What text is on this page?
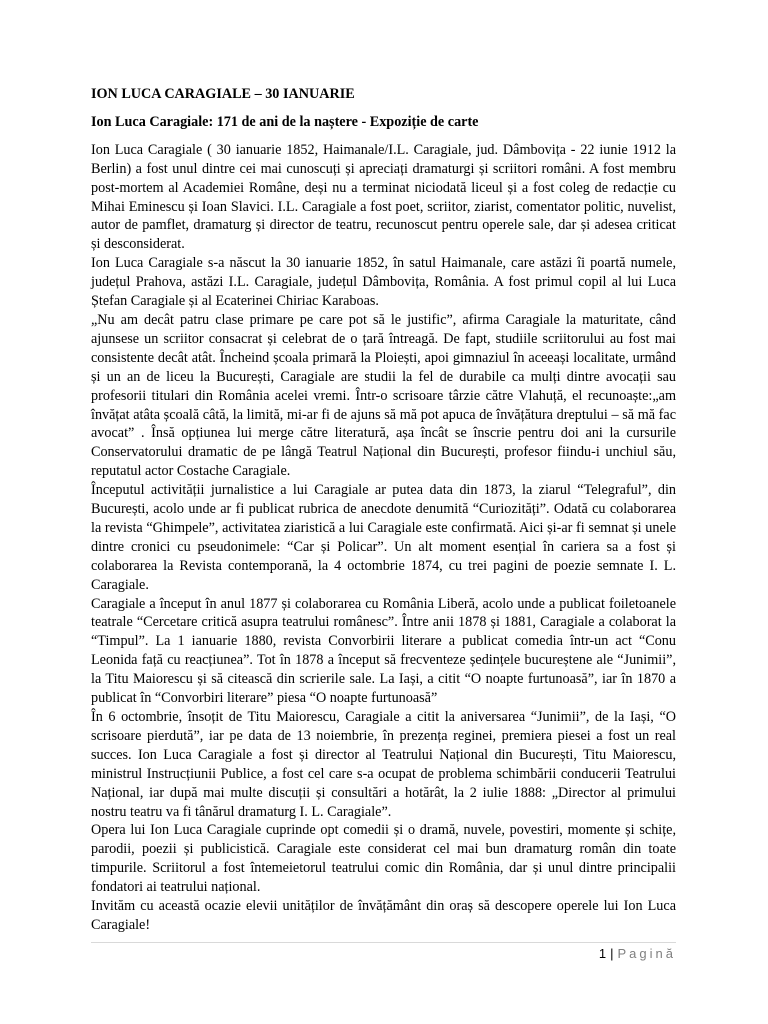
ION LUCA CARAGIALE – 30 IANUARIE

Ion Luca Caragiale: 171 de ani de la naștere - Expoziție de carte

Ion Luca Caragiale ( 30 ianuarie 1852, Haimanale/I.L. Caragiale, jud. Dâmbovița - 22 iunie 1912 la Berlin) a fost unul dintre cei mai cunoscuți și apreciați dramaturgi și scriitori români. A fost membru post-mortem al Academiei Române, deși nu a terminat niciodată liceul și a fost coleg de redacție cu Mihai Eminescu și Ioan Slavici. I.L. Caragiale a fost poet, scriitor, ziarist, comentator politic, nuvelist, autor de pamflet, dramaturg și director de teatru, recunoscut pentru operele sale, dar și adesea criticat și desconsiderat.

Ion Luca Caragiale s-a născut la 30 ianuarie 1852, în satul Haimanale, care astăzi îi poartă numele, județul Prahova, astăzi I.L. Caragiale, județul Dâmbovița, România. A fost primul copil al lui Luca Ștefan Caragiale și al Ecaterinei Chiriac Karaboas.

„Nu am decât patru clase primare pe care pot să le justific”, afirma Caragiale la maturitate, când ajunsese un scriitor consacrat și celebrat de o țară întreagă. De fapt, studiile scriitorului au fost mai consistente decât atât. Încheind școala primară la Ploiești, apoi gimnaziul în aceeași localitate, urmând și un an de liceu la București, Caragiale are studii la fel de durabile ca mulți dintre avocații sau profesorii titulari din România acelei vremi. Într-o scrisoare târzie către Vlahuță, el recunoaște:„am învățat atâta școală câtă, la limită, mi-ar fi de ajuns să mă pot apuca de învățătura dreptului – să mă fac avocat” . Însă opțiunea lui merge către literatură, așa încât se înscrie pentru doi ani la cursurile Conservatorului dramatic de pe lângă Teatrul Național din București, profesor fiindu-i unchiul său, reputatul actor Costache Caragiale.

Începutul activității jurnalistice a lui Caragiale ar putea data din 1873, la ziarul “Telegraful”, din București, acolo unde ar fi publicat rubrica de anecdote denumită “Curiozități”. Odată cu colaborarea la revista “Ghimpele”, activitatea ziaristică a lui Caragiale este confirmată. Aici și-ar fi semnat și unele dintre cronici cu pseudonimele: “Car și Policar”. Un alt moment esențial în cariera sa a fost și colaborarea la Revista contemporană, la 4 octombrie 1874, cu trei pagini de poezie semnate I. L. Caragiale.

Caragiale a început în anul 1877 și colaborarea cu România Liberă, acolo unde a publicat foiletoanele teatrale “Cercetare critică asupra teatrului românesc”. Între anii 1878 și 1881, Caragiale a colaborat la “Timpul”. La 1 ianuarie 1880, revista Convorbirii literare a publicat comedia într-un act “Conu Leonida față cu reacțiunea”. Tot în 1878 a început să frecventeze ședințele bucureștene ale “Junimii”, la Titu Maiorescu și să citească din scrierile sale. La Iași, a citit “O noapte furtunoasă”, iar în 1870 a publicat în “Convorbiri literare” piesa “O noapte furtunoasă”

În 6 octombrie, însoțit de Titu Maiorescu, Caragiale a citit la aniversarea “Junimii”, de la Iași, “O scrisoare pierdută”, iar pe data de 13 noiembrie, în prezența reginei, premiera piesei a fost un real succes. Ion Luca Caragiale a fost și director al Teatrului Național din București, Titu Maiorescu, ministrul Instrucțiunii Publice, a fost cel care s-a ocupat de problema schimbării conducerii Teatrului Național, iar după mai multe discuții și consultări a hotărât, la 2 iulie 1888: „Director al primului nostru teatru va fi tânărul dramaturg I. L. Caragiale”.

Opera lui Ion Luca Caragiale cuprinde opt comedii și o dramă, nuvele, povestiri, momente și schițe, parodii, poezii și publicistică. Caragiale este considerat cel mai bun dramaturg român din toate timpurile. Scriitorul a fost întemeietorul teatrului comic din România, dar și unul dintre principalii fondatori ai teatrului național.

Invităm cu această ocazie elevii unităților de învățământ din oraș să descopere operele lui Ion Luca Caragiale!

1 | Pagină
